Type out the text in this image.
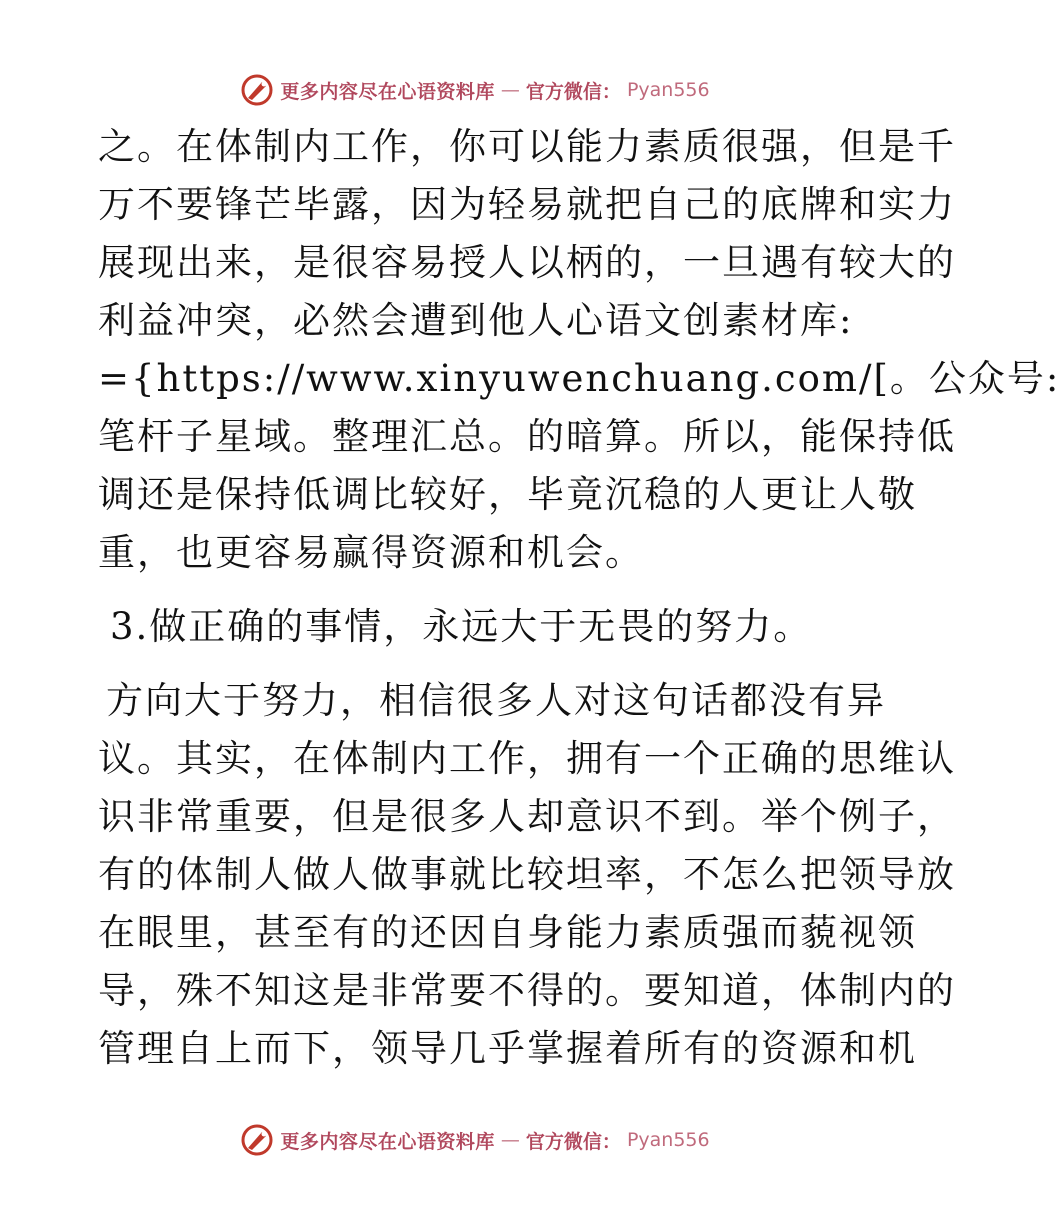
更多内容尽在心语资料库 — 官方微信： Pyan556
之。在体制内工作，你可以能力素质很强，但是千
万不要锋芒毕露，因为轻易就把自己的底牌和实力
展现出来，是很容易授人以柄的，一旦遇有较大的
利益冲突，必然会遭到他人心语文创素材库:
={https://www.xinyuwenchuang.com/[。公众号:
笔杆子星域。整理汇总。的暗算。所以，能保持低
调还是保持低调比较好，毕竟沉稳的人更让人敬
重，也更容易赢得资源和机会。
3.做正确的事情，永远大于无畏的努力。
方向大于努力，相信很多人对这句话都没有异
议。其实，在体制内工作，拥有一个正确的思维认
识非常重要，但是很多人却意识不到。举个例子，
有的体制人做人做事就比较坦率，不怎么把领导放
在眼里，甚至有的还因自身能力素质强而藐视领
导，殊不知这是非常要不得的。要知道，体制内的
管理自上而下，领导几乎掌握着所有的资源和机
更多内容尽在心语资料库 — 官方微信： Pyan556
